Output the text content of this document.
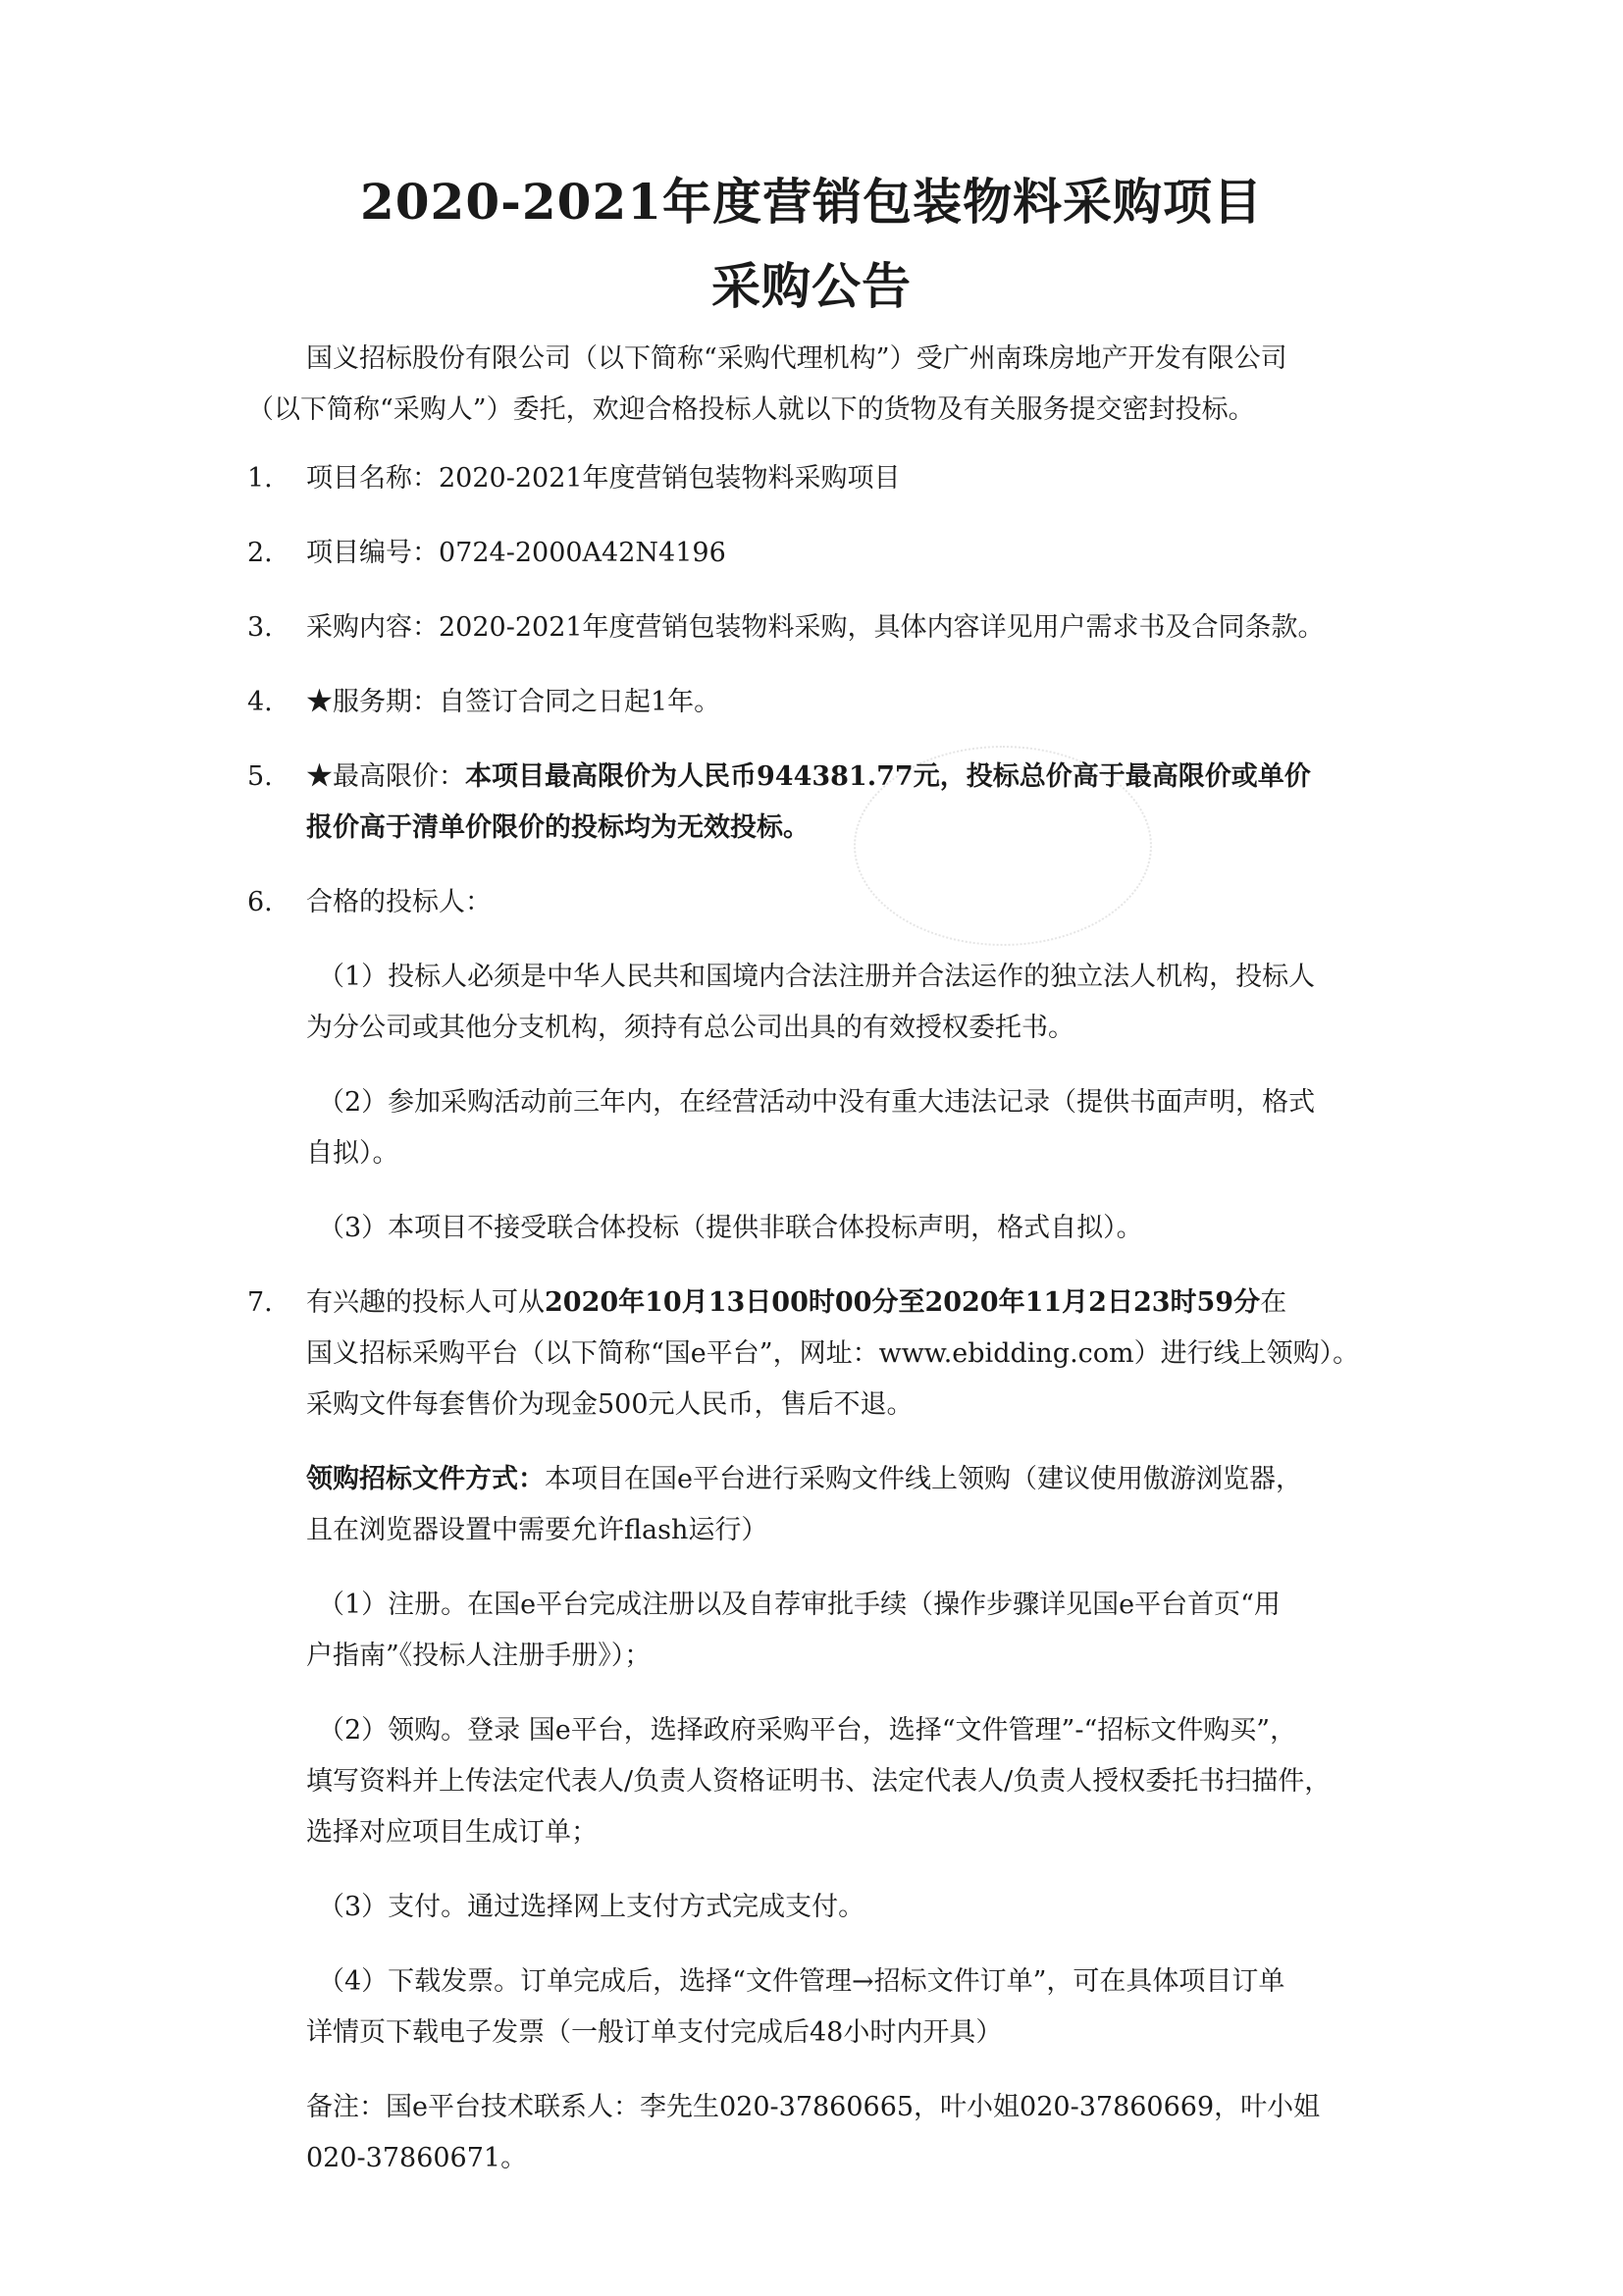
2020-2021年度营销包装物料采购项目
采购公告
国义招标股份有限公司（以下简称“采购代理机构”）受广州南珠房地产开发有限公司
（以下简称“采购人”）委托，欢迎合格投标人就以下的货物及有关服务提交密封投标。
1. 项目名称：2020-2021年度营销包装物料采购项目
2. 项目编号：0724-2000A42N4196
3. 采购内容：2020-2021年度营销包装物料采购，具体内容详见用户需求书及合同条款。
4. ★服务期：自签订合同之日起1年。
5. ★最高限价：本项目最高限价为人民币944381.77元，投标总价高于最高限价或单价
报价高于清单价限价的投标均为无效投标。
6. 合格的投标人：
（1）投标人必须是中华人民共和国境内合法注册并合法运作的独立法人机构，投标人
为分公司或其他分支机构，须持有总公司出具的有效授权委托书。
（2）参加采购活动前三年内，在经营活动中没有重大违法记录（提供书面声明，格式
自拟）。
（3）本项目不接受联合体投标（提供非联合体投标声明，格式自拟）。
7. 有兴趣的投标人可从2020年10月13日00时00分至2020年11月2日23时59分在
国义招标采购平台（以下简称“国e平台”，网址：www.ebidding.com）进行线上领购）。
采购文件每套售价为现金500元人民币，售后不退。
领购招标文件方式：本项目在国e平台进行采购文件线上领购（建议使用傲游浏览器，
且在浏览器设置中需要允许flash运行）
（1）注册。在国e平台完成注册以及自荐审批手续（操作步骤详见国e平台首页“用
户指南”《投标人注册手册》）；
（2）领购。登录 国e平台，选择政府采购平台，选择“文件管理”-“招标文件购买”，
填写资料并上传法定代表人/负责人资格证明书、法定代表人/负责人授权委托书扫描件，
选择对应项目生成订单；
（3）支付。通过选择网上支付方式完成支付。
（4）下载发票。订单完成后，选择“文件管理→招标文件订单”，可在具体项目订单
详情页下载电子发票（一般订单支付完成后48小时内开具）
备注：国e平台技术联系人：李先生020-37860665，叶小姐020-37860669，叶小姐
020-37860671。
